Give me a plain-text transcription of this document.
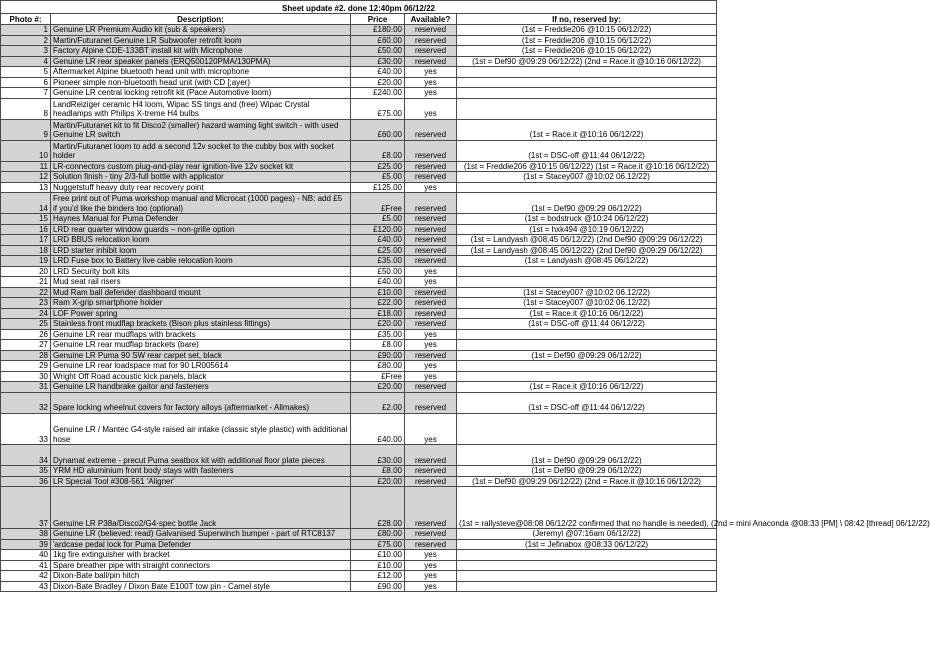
Sheet update #2. done 12:40pm 06/12/22				
Photo #:	Description:	Price	Available?	If no, reserved by:
1	Genuine LR Premium Audio kit (sub & speakers)	£180.00	reserved	(1st = Freddie206 @10:15 06/12/22)
2	Martin/Futuranet Genuine LR Subwoofer retrofit loom	£60.00	reserved	(1st = Freddie206 @10:15 06/12/22)
3	Factory Alpine CDE-133BT install kit with Microphone	£50.00	reserved	(1st = Freddie206 @10:15 06/12/22)
4	Genuine LR rear speaker panels (ERQ500120PMA/130PMA)	£30.00	reserved	(1st = Def90 @09:29 06/12/22) (2nd = Race.it @10:16 06/12/22)
5	Aftermarket Alpine bluetooth head unit with microphone	£40.00	yes	
6	Pioneer simple non-bluetooth head unit (with CD [;ayer)	£20.00	yes	
7	Genuine LR central locking retrofit kit (Pace Automotive loom)	£240.00	yes	
8	LandReiziger ceramic H4 loom, Wipac SS tings and (free) Wipac Crystal headlamps with Philips X-treme H4 bulbs	£75.00	yes	
9	Martin/Futuranet kit to fit Disco2 (smaller) hazard warning light switch - with used Genuine LR switch	£60.00	reserved	(1st = Race.it @10:16 06/12/22)
10	Martin/Futuranet loom to add a second 12v socket to the cubby box with socket holder	£8.00	reserved	(1st = DSC-off @11:44 06/12/22)
11	LR-connectors custom plug-and-play rear ignition-live 12v socket kit	£25.00	reserved	(1st = Freddie206 @10:15 06/12/22) (1st = Race.it @10:16 06/12/22)
12	Solution finish - tiny 2/3-full bottle with applicator	£5.00	reserved	(1st = Stacey007 @10:02 06.12/22)
13	Nuggetstuff heavy duty rear recovery point	£125.00	yes	
14	Free print out of Puma workshop manual and Microcat (1000 pages) - NB: add £5 if you'd like the binders too (optional)	£Free	reserved	(1st = Def90 @09:29 06/12/22)
15	Haynes Manual for Puma Defender	£5.00	reserved	(1st = bodstruck @10:24 06/12/22)
16	LRD rear quarter window guards – non-grille option	£120.00	reserved	(1st = hxk494 @10:19 06/12/22)
17	LRD BBUS relocation loom	£40.00	reserved	(1st = Landyash @08:45 06/12/22) (2nd Def90 @09:29 06/12/22)
18	LRD starter inhibit loom	£25.00	reserved	(1st = Landyash @08:45 06/12/22) (2nd Def90 @09:29 06/12/22)
19	LRD Fuse box to Battery live cable relocation loom	£35.00	reserved	(1st = Landyash @08:45 06/12/22)
20	LRD Security bolt kits	£50.00	yes	
21	Mud seat rail risers	£40.00	yes	
22	Mud Ram ball defender dashboard mount	£10.00	reserved	(1st = Stacey007 @10:02 06.12/22)
23	Ram X-grip smartphone holder	£22.00	reserved	(1st = Stacey007 @10:02 06.12/22)
24	LOF Power spring	£18.00	reserved	(1st = Race.it @10:16 06/12/22)
25	Stainless front mudflap brackets (Bison plus stainless fittings)	£20.00	reserved	(1st = DSC-off @11:44 06/12/22)
26	Genuine LR rear mudflaps with brackets	£35.00	yes	
27	Genuine LR rear mudflap brackets (bare)	£8.00	yes	
28	Genuine LR Puma 90 SW rear carpet set, black	£90.00	reserved	(1st = Def90 @09:29 06/12/22)
29	Genuine LR rear loadspace mat for 90 LR005614	£80.00	yes	
30	Wright Off Road acoustic kick panels, black	£Free	yes	
31	Genuine LR handbrake gaitor and fasteners	£20.00	reserved	(1st = Race.it @10:16 06/12/22)
32	Spare locking wheelnut covers for factory alloys (aftermarket - Allmakes)	£2.00	reserved	(1st = DSC-off @11:44 06/12/22)
33	Genuine LR / Mantec G4-style raised air intake (classic style plastic) with additional hose	£40.00	yes	
34	Dynamat extreme - precut Puma seatbox kit with additional floor plate pieces	£30.00	reserved	(1st = Def90 @09:29 06/12/22)
35	YRM HD aluminium front body stays with fasteners	£8.00	reserved	(1st = Def90 @09:29 06/12/22)
36	LR Special Tool #308-561 'Aligner'	£20.00	reserved	(1st = Def90 @09:29 06/12/22) (2nd = Race.it @10:16 06/12/22)
37	Genuine LR P38a/Disco2/G4-spec bottle Jack	£28.00	reserved	(1st = rallysteve@08:08 06/12/22 confirmed that no handle is needed), (2nd = mini Anaconda @08:33 [PM] \ 08:42 [thread] 06/12/22)
38	Genuine LR (believed: read) Galvanised Superwinch bumper - part of RTC8137	£80.00	reserved	(Jeremyl @07:16am 06/12/22)
39	'ardcase pedal lock for Puma Defender	£75.00	reserved	(1st = Jefinabox @08:33 06/12/22)
40	1kg fire extinguisher with bracket	£10.00	yes	
41	Spare breather pipe with straight connectors	£10.00	yes	
42	Dixon-Bate ball/pin hitch	£12.00	yes	
43	Dixon-Bate Bradley / Dixon Bate E100T tow pin - Camel style	£90.00	yes	
